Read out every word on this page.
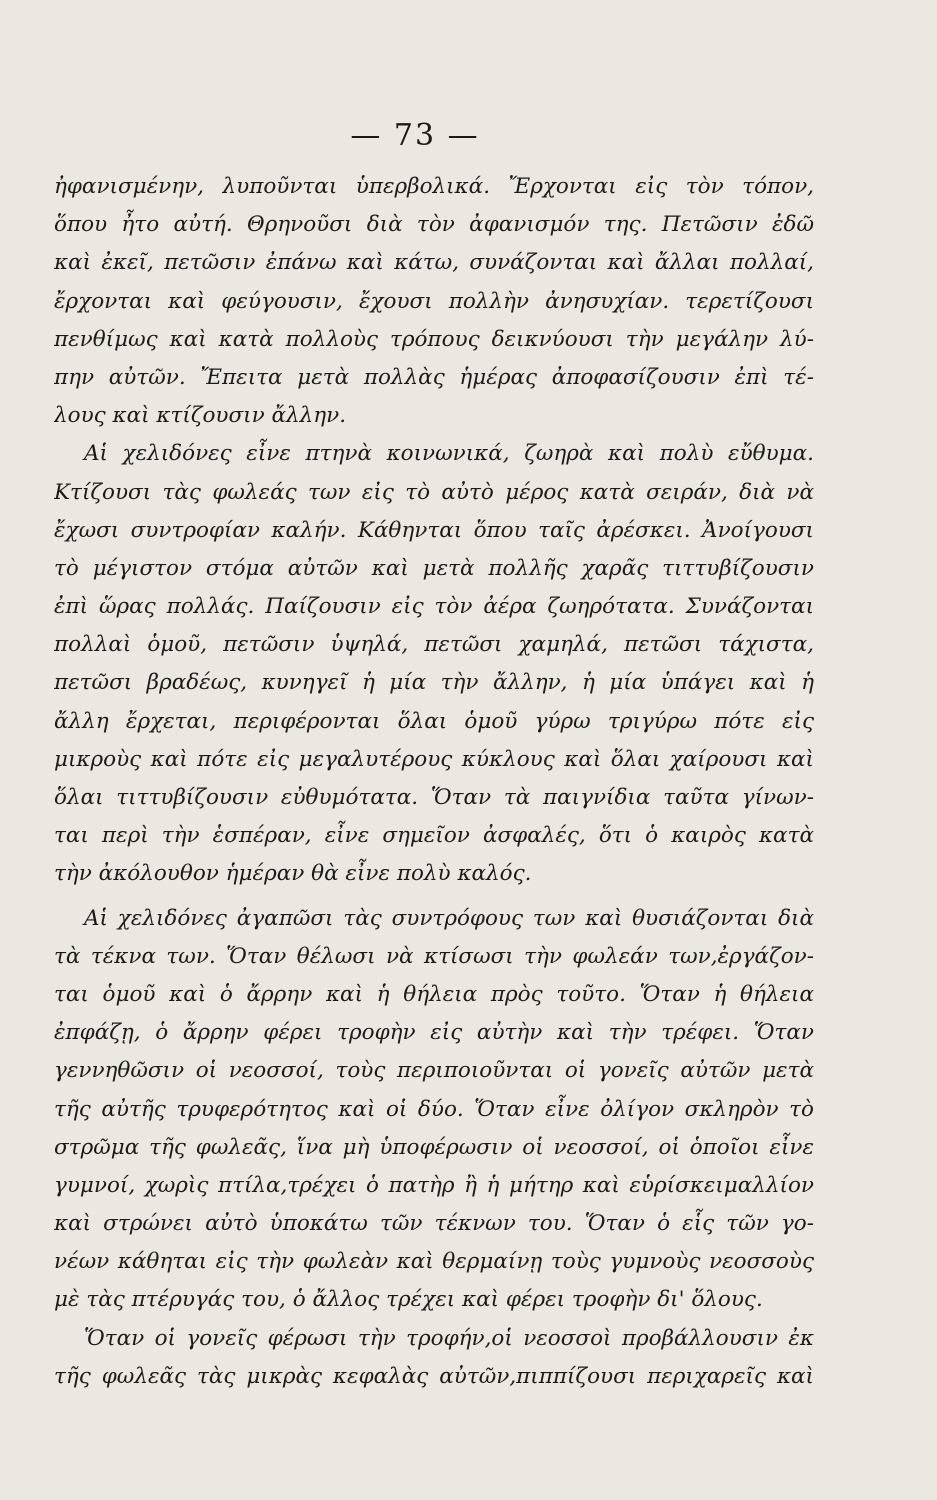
— 73 —
ἠφανισμένην, λυποῦνται ὑπερβολικά. Ἔρχονται εἰς τὸν τόπον,
ὅπου ἦτο αὐτή. Θρηνοῦσι διὰ τὸν ἀφανισμόν της. Πετῶσιν ἐδῶ
καὶ ἐκεῖ, πετῶσιν ἐπάνω καὶ κάτω, συνάζονται καὶ ἄλλαι πολλαί,
ἔρχονται καὶ φεύγουσιν, ἔχουσι πολλὴν ἀνησυχίαν. τερετίζουσι
πενθίμως καὶ κατὰ πολλοὺς τρόπους δεικνύουσι τὴν μεγάλην λύ-
πην αὐτῶν. Ἔπειτα μετὰ πολλὰς ἡμέρας ἀποφασίζουσιν ἐπὶ τέ-
λους καὶ κτίζουσιν ἄλλην.
Αἱ χελιδόνες εἶνε πτηνὰ κοινωνικά, ζωηρὰ καὶ πολὺ εὔθυμα.
Κτίζουσι τὰς φωλεάς των εἰς τὸ αὐτὸ μέρος κατὰ σειράν, διὰ νὰ
ἔχωσι συντροφίαν καλήν. Κάθηνται ὅπου ταῖς ἀρέσκει. Ἀνοίγουσι
τὸ μέγιστον στόμα αὐτῶν καὶ μετὰ πολλῆς χαρᾶς τιττυβίζουσιν
ἐπὶ ὥρας πολλάς. Παίζουσιν εἰς τὸν ἀέρα ζωηρότατα. Συνάζονται
πολλαὶ ὁμοῦ, πετῶσιν ὑψηλά, πετῶσι χαμηλά, πετῶσι τάχιστα,
πετῶσι βραδέως, κυνηγεῖ ἡ μία τὴν ἄλλην, ἡ μία ὑπάγει καὶ ἡ
ἄλλη ἔρχεται, περιφέρονται ὅλαι ὁμοῦ γύρω τριγύρω πότε εἰς
μικροὺς καὶ πότε εἰς μεγαλυτέρους κύκλους καὶ ὅλαι χαίρουσι καὶ
ὅλαι τιττυβίζουσιν εὐθυμότατα. Ὅταν τὰ παιγνίδια ταῦτα γίνων-
ται περὶ τὴν ἑσπέραν, εἶνε σημεῖον ἀσφαλές, ὅτι ὁ καιρὸς κατὰ
τὴν ἀκόλουθον ἡμέραν θὰ εἶνε πολὺ καλός.
Αἱ χελιδόνες ἀγαπῶσι τὰς συντρόφους των καὶ θυσιάζονται διὰ
τὰ τέκνα των. Ὅταν θέλωσι νὰ κτίσωσι τὴν φωλεάν των,ἐργάζον-
ται ὁμοῦ καὶ ὁ ἄρρην καὶ ἡ θήλεια πρὸς τοῦτο. Ὅταν ἡ θήλεια
ἐπφάζῃ, ὁ ἄρρην φέρει τροφὴν εἰς αὐτὴν καὶ τὴν τρέφει. Ὅταν
γεννηθῶσιν οἱ νεοσσοί, τοὺς περιποιοῦνται οἱ γονεῖς αὐτῶν μετὰ
τῆς αὐτῆς τρυφερότητος καὶ οἱ δύο. Ὅταν εἶνε ὀλίγον σκληρὸν τὸ
στρῶμα τῆς φωλεᾶς, ἵνα μὴ ὑποφέρωσιν οἱ νεοσσοί, οἱ ὁποῖοι εἶνε
γυμνοί, χωρὶς πτίλα,τρέχει ὁ πατὴρ ἢ ἡ μήτηρ καὶ εὑρίσκειμαλλίον
καὶ στρώνει αὐτὸ ὑποκάτω τῶν τέκνων του. Ὅταν ὁ εἷς τῶν γο-
νέων κάθηται εἰς τὴν φωλεὰν καὶ θερμαίνῃ τοὺς γυμνοὺς νεοσσοὺς
μὲ τὰς πτέρυγάς του, ὁ ἄλλος τρέχει καὶ φέρει τροφὴν δι' ὅλους.
Ὅταν οἱ γονεῖς φέρωσι τὴν τροφήν,οἱ νεοσσοὶ προβάλλουσιν ἐκ
τῆς φωλεᾶς τὰς μικρὰς κεφαλὰς αὐτῶν,πιππίζουσι περιχαρεῖς καὶ
